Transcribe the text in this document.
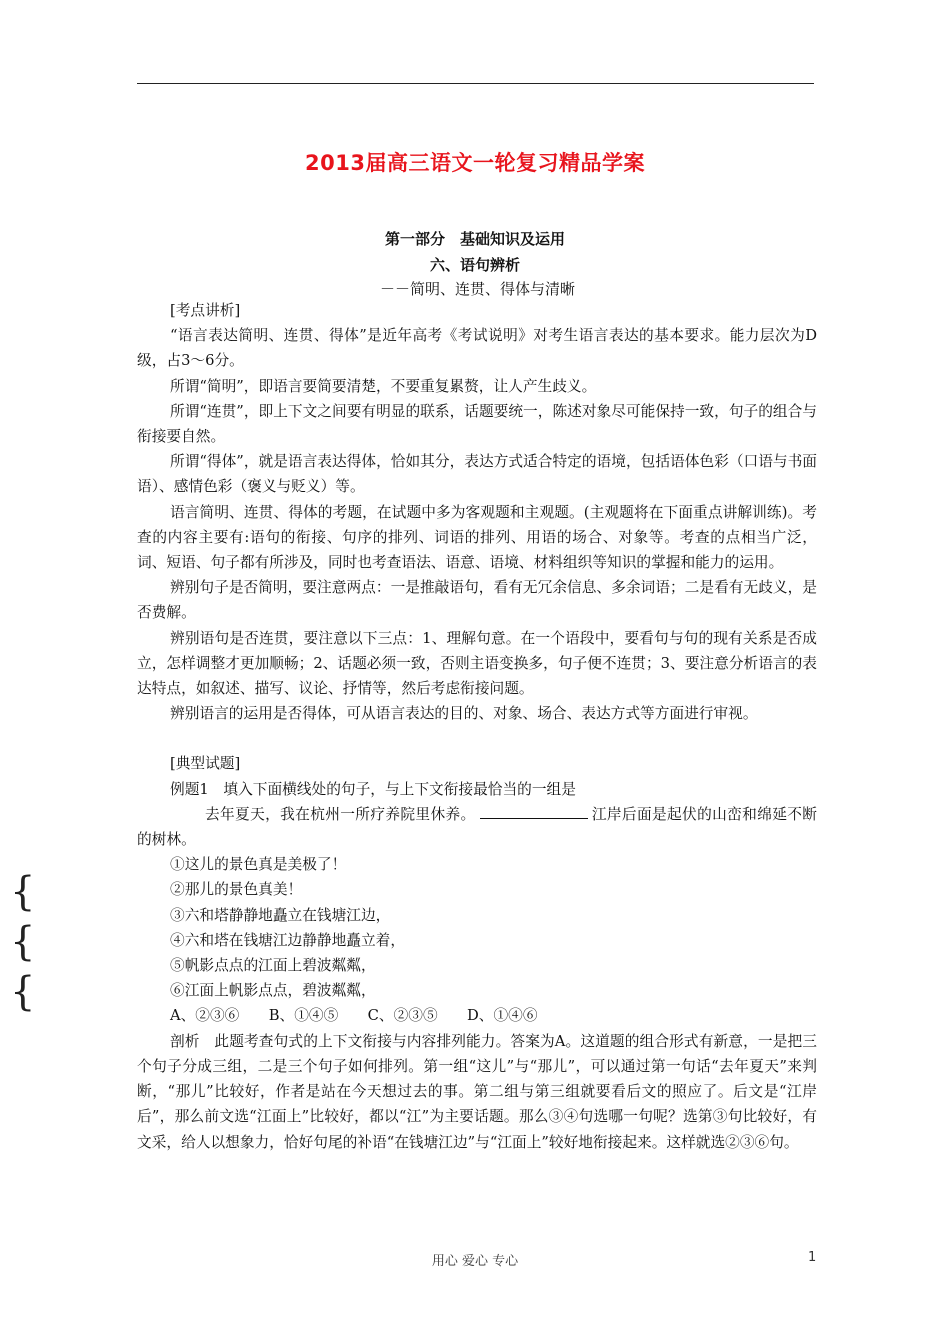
2013届高三语文一轮复习精品学案
第一部分　基础知识及运用
六、语句辨析
－－简明、连贯、得体与清晰

[考点讲析]

“语言表达简明、连贯、得体”是近年高考《考试说明》对考生语言表达的基本要求。能力层次为D级，占3～6分。

所谓“简明”，即语言要简要清楚，不要重复累赘，让人产生歧义。

所谓“连贯”，即上下文之间要有明显的联系，话题要统一，陈述对象尽可能保持一致，句子的组合与衔接要自然。

所谓“得体”，就是语言表达得体，恰如其分，表达方式适合特定的语境，包括语体色彩（口语与书面语）、感情色彩（褒义与贬义）等。

语言简明、连贯、得体的考题，在试题中多为客观题和主观题。(主观题将在下面重点讲解训练)。考查的内容主要有:语句的衔接、句序的排列、词语的排列、用语的场合、对象等。考查的点相当广泛，词、短语、句子都有所涉及，同时也考查语法、语意、语境、材料组织等知识的掌握和能力的运用。

辨别句子是否简明，要注意两点：一是推敲语句，看有无冗余信息、多余词语；二是看有无歧义，是否费解。

辨别语句是否连贯，要注意以下三点：1、理解句意。在一个语段中，要看句与句的现有关系是否成立，怎样调整才更加顺畅；2、话题必须一致，否则主语变换多，句子便不连贯；3、要注意分析语言的表达特点，如叙述、描写、议论、抒情等，然后考虑衔接问题。

辨别语言的运用是否得体，可从语言表达的目的、对象、场合、表达方式等方面进行审视。

[典型试题]

例题1　填入下面横线处的句子，与上下文衔接最恰当的一组是

去年夏天，我在杭州一所疗养院里休养。	江岸后面是起伏的山峦和绵延不断的树林。

①这儿的景色真是美极了！

②那儿的景色真美！

③六和塔静静地矗立在钱塘江边，

④六和塔在钱塘江边静静地矗立着，

⑤帆影点点的江面上碧波粼粼，

⑥江面上帆影点点，碧波粼粼，

A、②③⑥　　B、①④⑤　　C、②③⑤　　D、①④⑥

剖析　此题考查句式的上下文衔接与内容排列能力。答案为A。这道题的组合形式有新意，一是把三个句子分成三组，二是三个句子如何排列。第一组“这儿”与“那儿”，可以通过第一句话“去年夏天”来判断，“那儿”比较好，作者是站在今天想过去的事。第二组与第三组就要看后文的照应了。后文是“江岸后”，那么前文选“江面上”比较好，都以“江”为主要话题。那么③④句选哪一句呢？选第③句比较好，有文采，给人以想象力，恰好句尾的补语“在钱塘江边”与“江面上”较好地衔接起来。这样就选②③⑥句。

{
{
{
用心 爱心 专心	1
